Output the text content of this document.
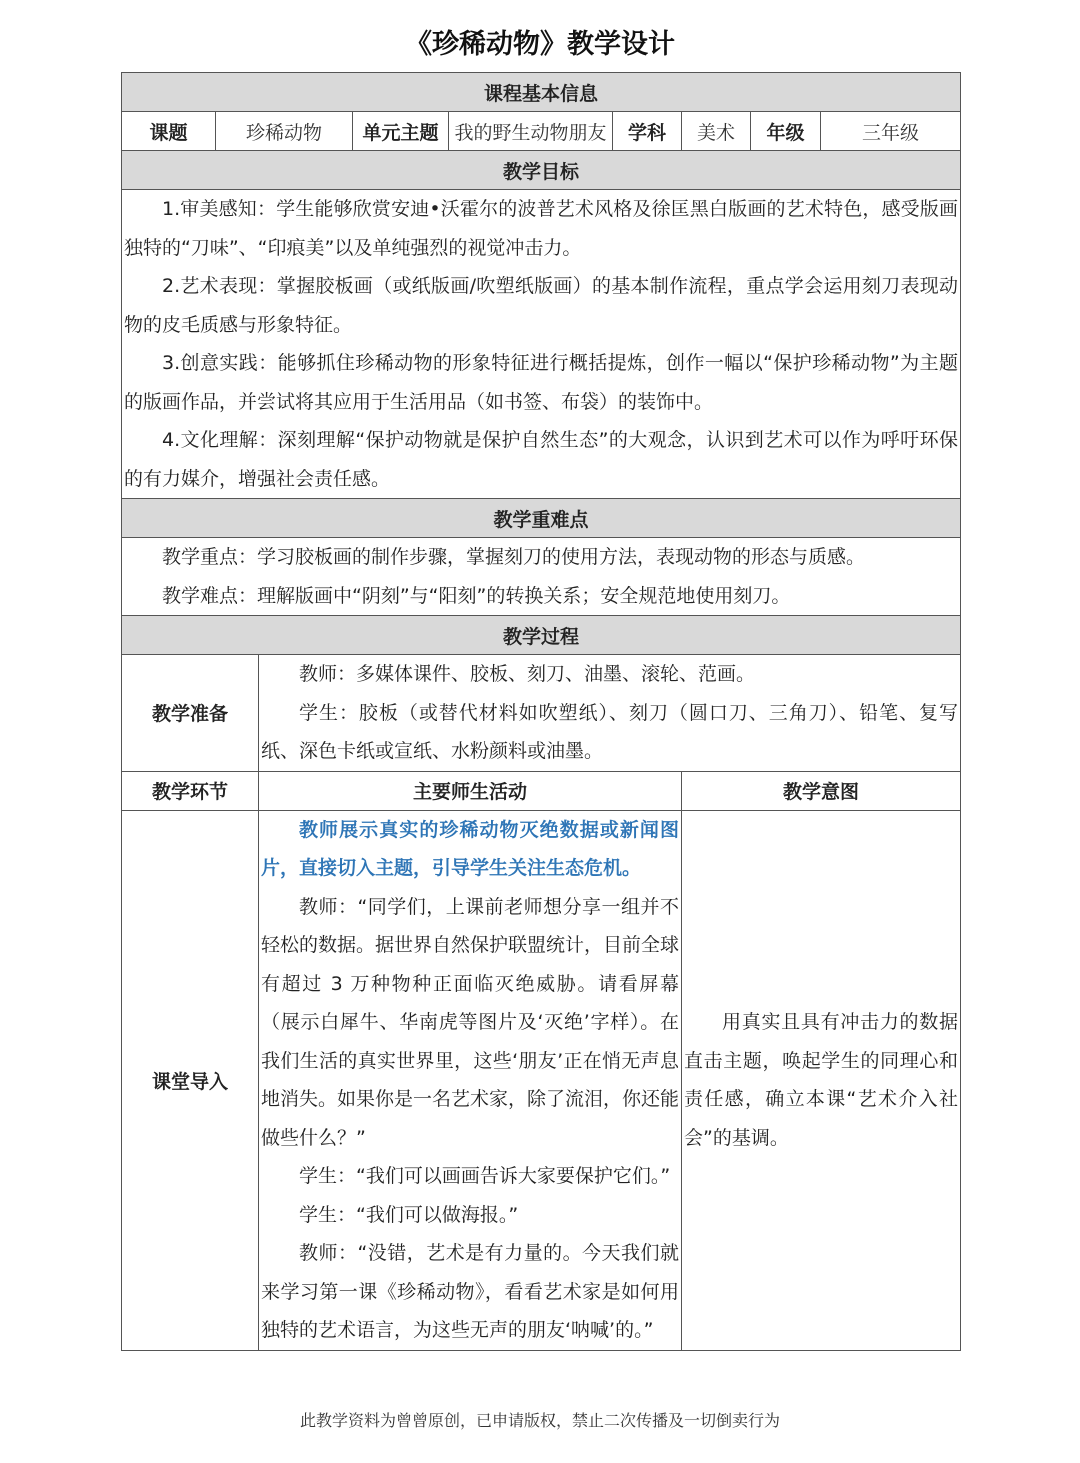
《珍稀动物》教学设计
课程基本信息								
课题	珍稀动物		单元主题	我的野生动物朋友	学科	美术	年级	三年级
教学目标								

1.审美感知：学生能够欣赏安迪•沃霍尔的波普艺术风格及徐匡黑白版画的艺术特色，感受版画独特的“刀味”、“印痕美”以及单纯强烈的视觉冲击力。

2.艺术表现：掌握胶板画（或纸版画/吹塑纸版画）的基本制作流程，重点学会运用刻刀表现动物的皮毛质感与形象特征。

3.创意实践：能够抓住珍稀动物的形象特征进行概括提炼，创作一幅以“保护珍稀动物”为主题的版画作品，并尝试将其应用于生活用品（如书签、布袋）的装饰中。

4.文化理解：深刻理解“保护动物就是保护自然生态”的大观念，认识到艺术可以作为呼吁环保的有力媒介，增强社会责任感。								

教学重难点								

教学重点：学习胶板画的制作步骤，掌握刻刀的使用方法，表现动物的形态与质感。

教学难点：理解版画中“阴刻”与“阳刻”的转换关系；安全规范地使用刻刀。								

教学过程								
教学准备		教师：多媒体课件、胶板、刻刀、油墨、滚轮、范画。

学生：胶板（或替代材料如吹塑纸）、刻刀（圆口刀、三角刀）、铅笔、复写纸、深色卡纸或宣纸、水粉颜料或油墨。						

教学环节		主要师生活动				教学意图		
课堂导入		教师展示真实的珍稀动物灭绝数据或新闻图片，直接切入主题，引导学生关注生态危机。

教师：“同学们，上课前老师想分享一组并不轻松的数据。据世界自然保护联盟统计，目前全球有超过 3 万种物种正面临灭绝威胁。请看屏幕（展示白犀牛、华南虎等图片及‘灭绝’字样）。在我们生活的真实世界里，这些‘朋友’正在悄无声息地消失。如果你是一名艺术家，除了流泪，你还能做些什么？”

学生：“我们可以画画告诉大家要保护它们。”

学生：“我们可以做海报。”

教师：“没错，艺术是有力量的。今天我们就来学习第一课《珍稀动物》，看看艺术家是如何用独特的艺术语言，为这些无声的朋友‘呐喊’的。”				用真实且具有冲击力的数据直击主题，唤起学生的同理心和责任感，确立本课“艺术介入社会”的基调。		

此教学资料为曾曾原创，已申请版权，禁止二次传播及一切倒卖行为
